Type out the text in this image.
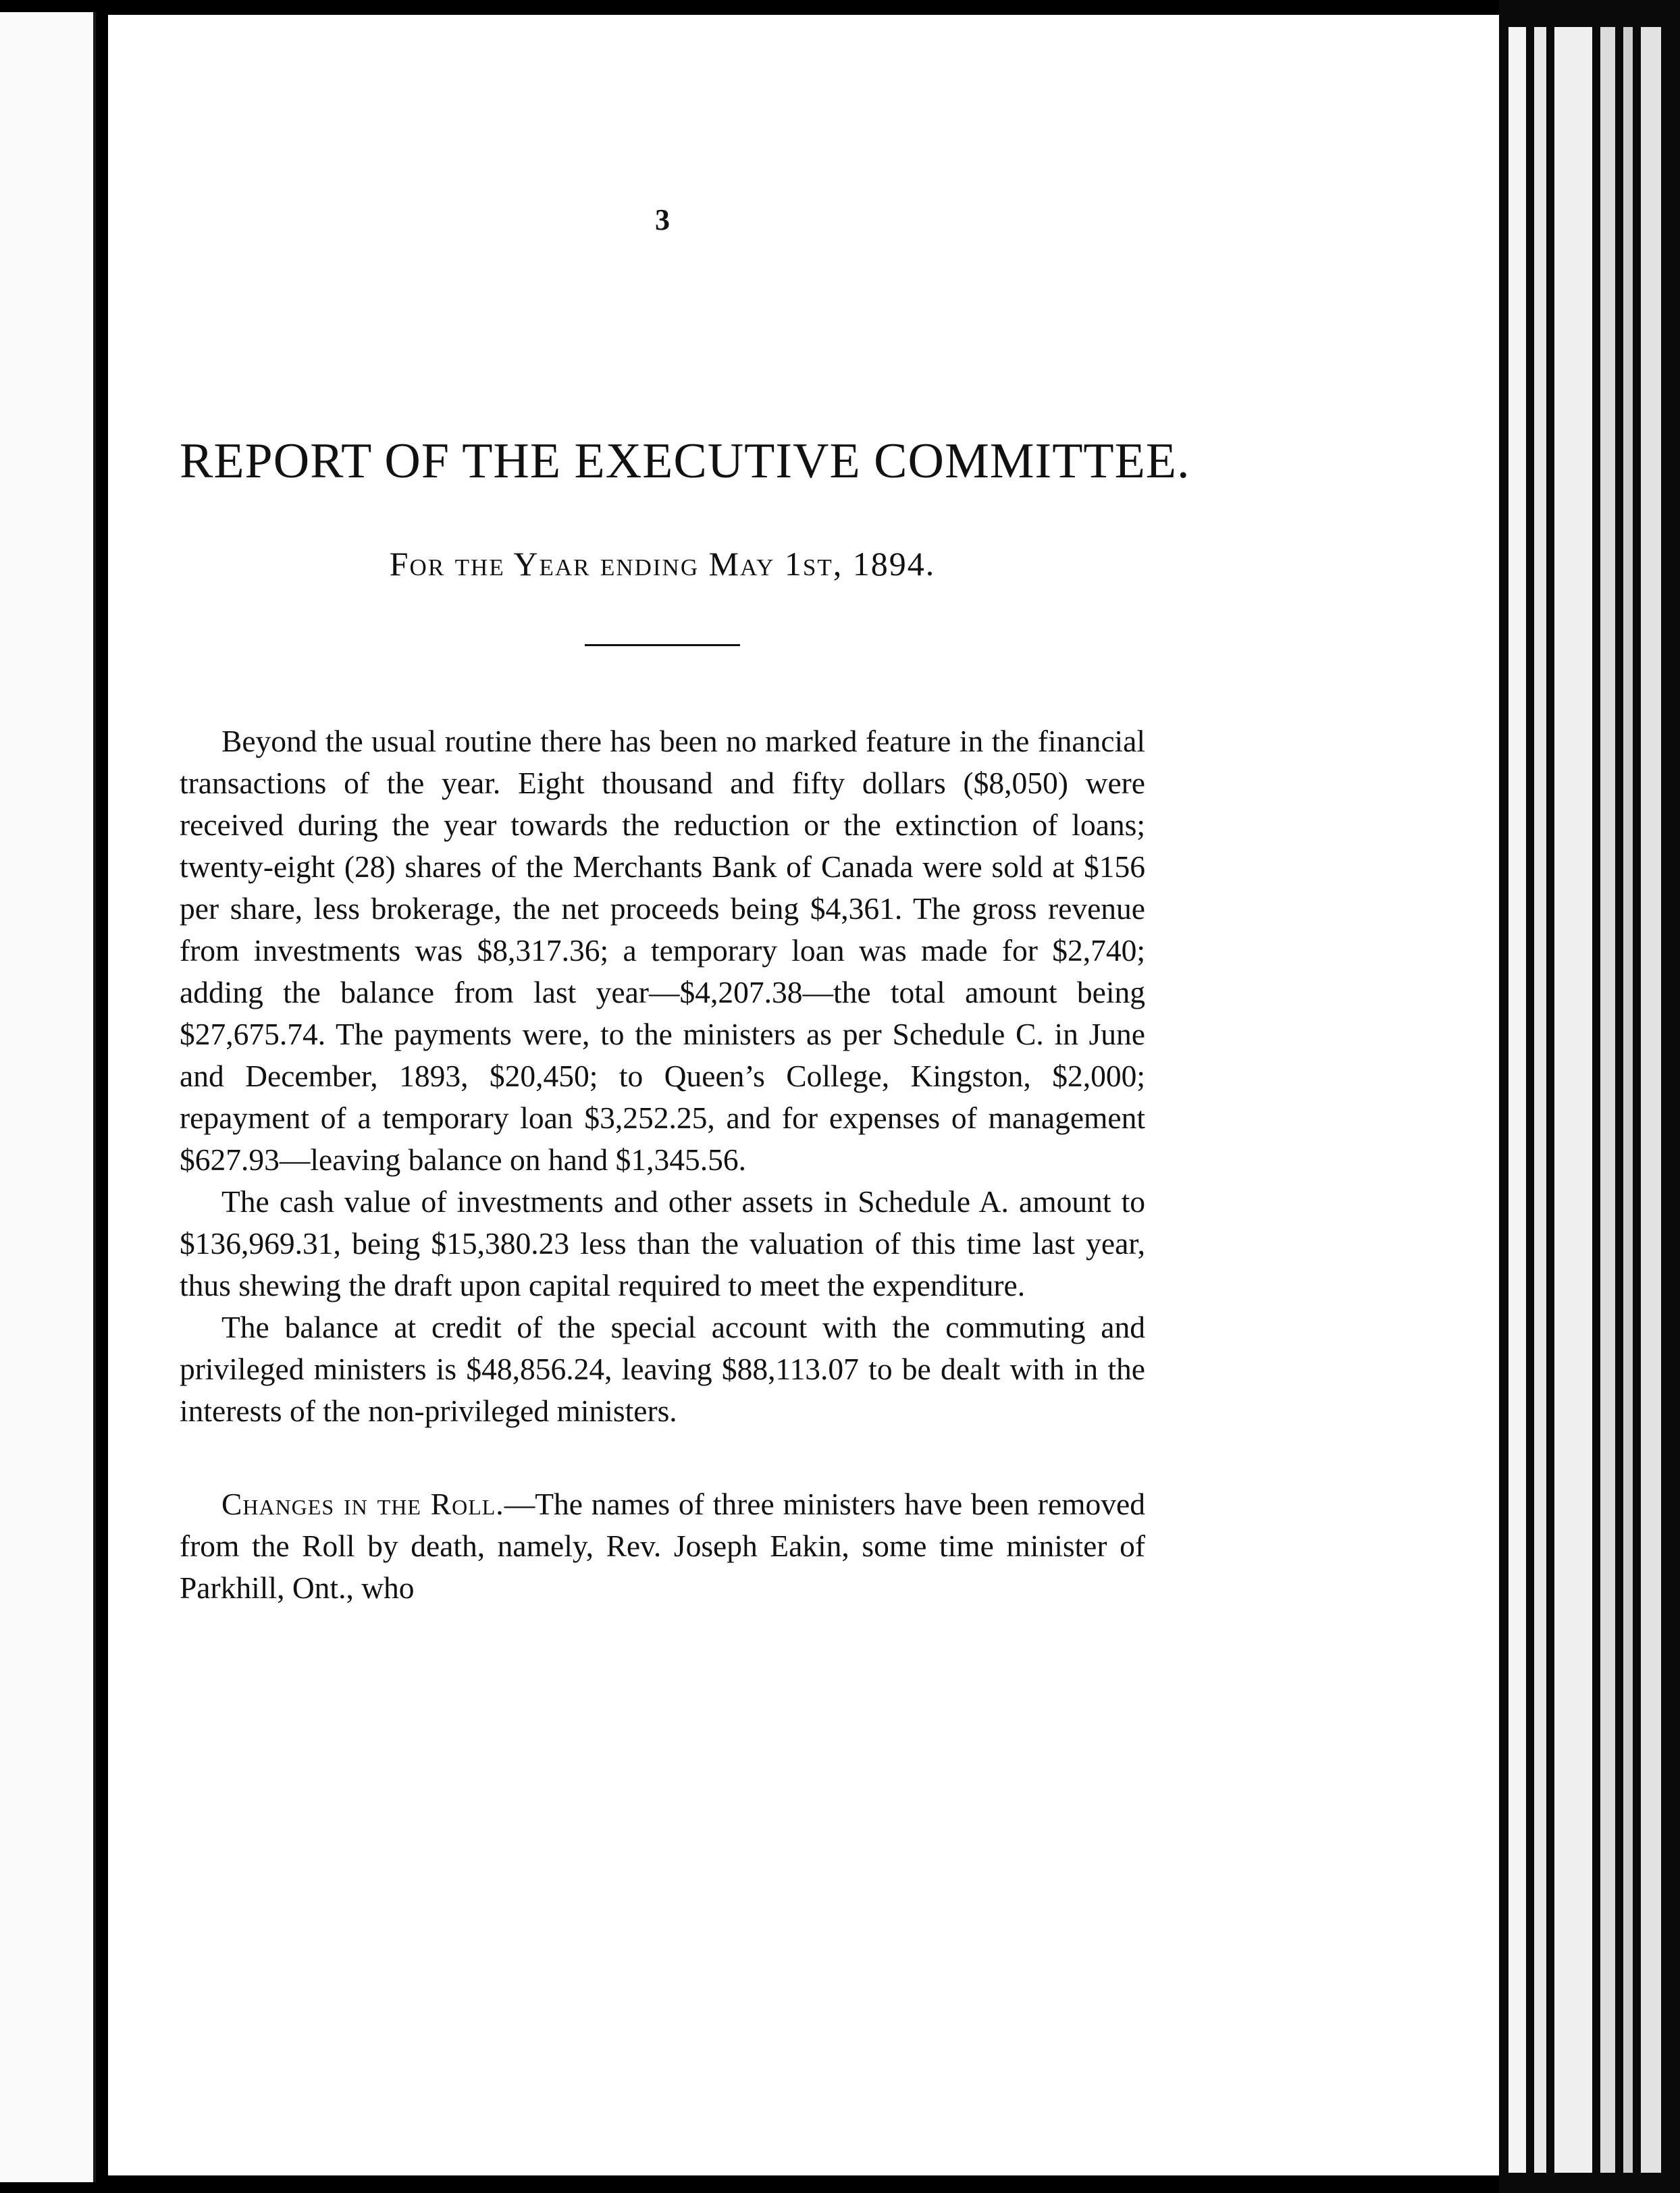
3
REPORT OF THE EXECUTIVE COMMITTEE.
For the Year ending May 1st, 1894.

Beyond the usual routine there has been no marked feature in the financial transactions of the year. Eight thousand and fifty dollars ($8,050) were received during the year towards the reduction or the extinction of loans; twenty-eight (28) shares of the Merchants Bank of Canada were sold at $156 per share, less brokerage, the net proceeds being $4,361. The gross revenue from investments was $8,317.36; a temporary loan was made for $2,740; adding the balance from last year—$4,207.38—the total amount being $27,675.74. The payments were, to the ministers as per Schedule C. in June and December, 1893, $20,450; to Queen’s College, Kingston, $2,000; repayment of a temporary loan $3,252.25, and for expenses of management $627.93—leaving balance on hand $1,345.56.

The cash value of investments and other assets in Schedule A. amount to $136,969.31, being $15,380.23 less than the valuation of this time last year, thus shewing the draft upon capital required to meet the expenditure.

The balance at credit of the special account with the commuting and privileged ministers is $48,856.24, leaving $88,113.07 to be dealt with in the interests of the non-privileged ministers.

Changes in the Roll.—The names of three ministers have been removed from the Roll by death, namely, Rev. Joseph Eakin, some time minister of Parkhill, Ont., who
